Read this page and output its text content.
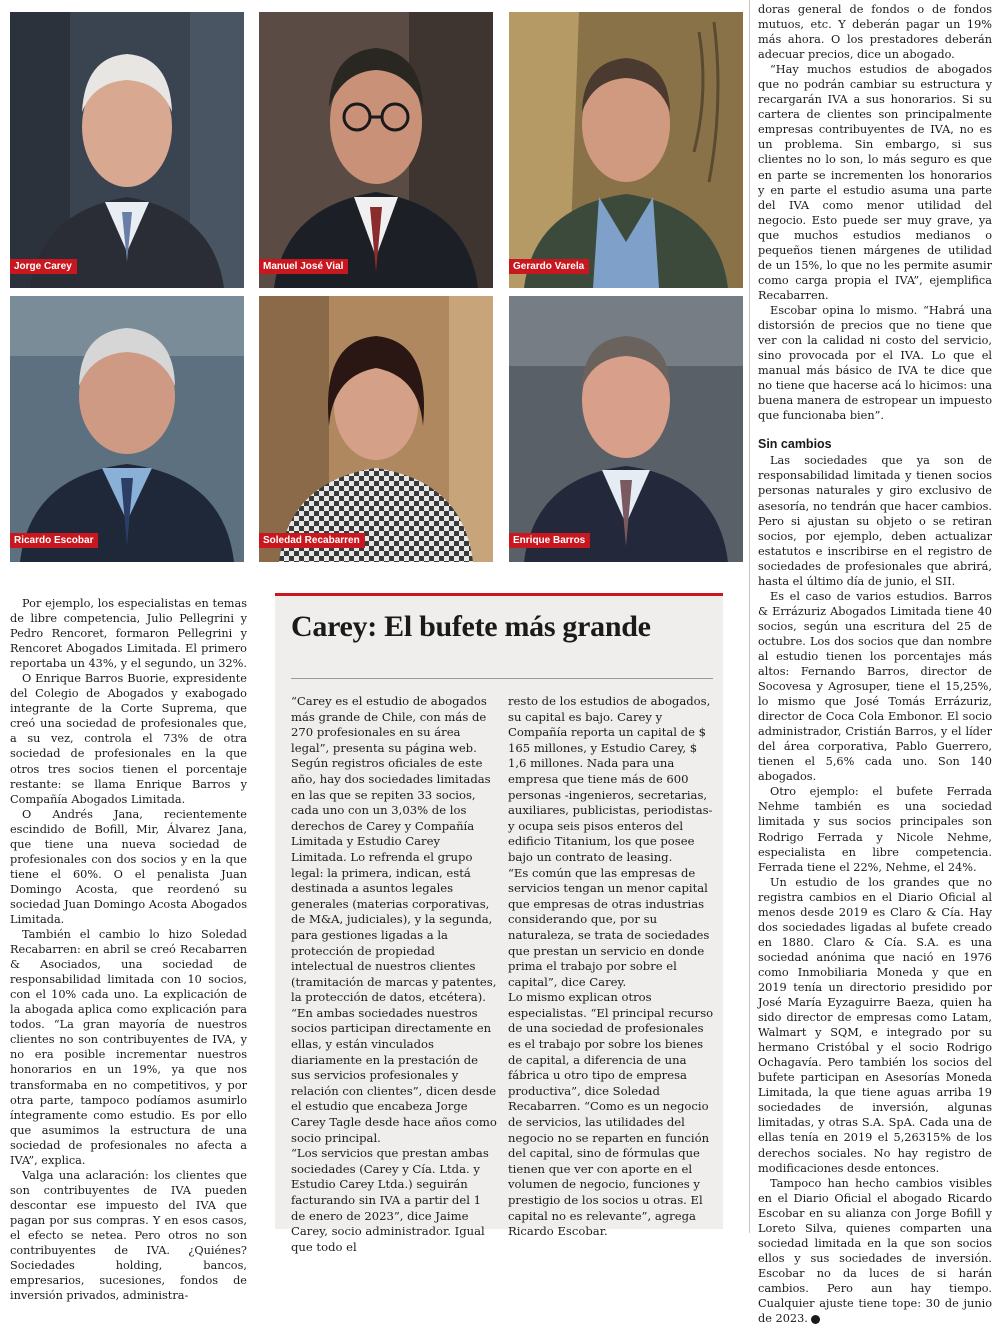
Jorge Carey	Manuel José Vial	Gerardo Varela
Ricardo Escobar	Soledad Recabarren	Enrique Barros

Por ejemplo, los especialistas en temas de libre competencia, Julio Pellegrini y Pedro Rencoret, formaron Pellegrini y Rencoret Abogados Limitada. El primero reportaba un 43%, y el segundo, un 32%.

O Enrique Barros Buorie, expresidente del Colegio de Abogados y exabogado integrante de la Corte Suprema, que creó una sociedad de profesionales que, a su vez, controla el 73% de otra sociedad de profesionales en la que otros tres socios tienen el porcentaje restante: se llama Enrique Barros y Compañía Abogados Limitada.

O Andrés Jana, recientemente escindido de Bofill, Mir, Álvarez Jana, que tiene una nueva sociedad de profesionales con dos socios y en la que tiene el 60%. O el penalista Juan Domingo Acosta, que reordenó su sociedad Juan Domingo Acosta Abogados Limitada.

También el cambio lo hizo Soledad Recabarren: en abril se creó Recabarren & Asociados, una sociedad de responsabilidad limitada con 10 socios, con el 10% cada uno. La explicación de la abogada aplica como explicación para todos. “La gran mayoría de nuestros clientes no son contribuyentes de IVA, y no era posible incrementar nuestros honorarios en un 19%, ya que nos transformaba en no competitivos, y por otra parte, tampoco podíamos asumirlo íntegramente como estudio. Es por ello que asumimos la estructura de una sociedad de profesionales no afecta a IVA”, explica.

Valga una aclaración: los clientes que son contribuyentes de IVA pueden descontar ese impuesto del IVA que pagan por sus compras. Y en esos casos, el efecto se netea. Pero otros no son contribuyentes de IVA. ¿Quiénes? Sociedades holding, bancos, empresarios, sucesiones, fondos de inversión privados, administra-

Carey: El bufete más grande

“Carey es el estudio de abogados más grande de Chile, con más de 270 profesionales en su área legal”, presenta su página web. Según registros oficiales de este año, hay dos sociedades limitadas en las que se repiten 33 socios, cada uno con un 3,03% de los derechos de Carey y Compañía Limitada y Estudio Carey Limitada. Lo refrenda el grupo legal: la primera, indican, está destinada a asuntos legales generales (materias corporativas, de M&A, judiciales), y la segunda, para gestiones ligadas a la protección de propiedad intelectual de nuestros clientes (tramitación de marcas y patentes, la protección de datos, etcétera).

“En ambas sociedades nuestros socios participan directamente en ellas, y están vinculados diariamente en la prestación de sus servicios profesionales y relación con clientes”, dicen desde el estudio que encabeza Jorge Carey Tagle desde hace años como socio principal.

“Los servicios que prestan ambas sociedades (Carey y Cía. Ltda. y Estudio Carey Ltda.) seguirán facturando sin IVA a partir del 1 de enero de 2023”, dice Jaime Carey, socio administrador. Igual que todo el

resto de los estudios de abogados, su capital es bajo. Carey y Compañía reporta un capital de $ 165 millones, y Estudio Carey, $ 1,6 millones. Nada para una empresa que tiene más de 600 personas -ingenieros, secretarias, auxiliares, publicistas, periodistas- y ocupa seis pisos enteros del edificio Titanium, los que posee bajo un contrato de leasing.

“Es común que las empresas de servicios tengan un menor capital que empresas de otras industrias considerando que, por su naturaleza, se trata de sociedades que prestan un servicio en donde prima el trabajo por sobre el capital”, dice Carey.

Lo mismo explican otros especialistas. “El principal recurso de una sociedad de profesionales es el trabajo por sobre los bienes de capital, a diferencia de una fábrica u otro tipo de empresa productiva”, dice Soledad Recabarren. “Como es un negocio de servicios, las utilidades del negocio no se reparten en función del capital, sino de fórmulas que tienen que ver con aporte en el volumen de negocio, funciones y prestigio de los socios u otras. El capital no es relevante”, agrega Ricardo Escobar.

doras general de fondos o de fondos mutuos, etc. Y deberán pagar un 19% más ahora. O los prestadores deberán adecuar precios, dice un abogado.

“Hay muchos estudios de abogados que no podrán cambiar su estructura y recargarán IVA a sus honorarios. Si su cartera de clientes son principalmente empresas contribuyentes de IVA, no es un problema. Sin embargo, si sus clientes no lo son, lo más seguro es que en parte se incrementen los honorarios y en parte el estudio asuma una parte del IVA como menor utilidad del negocio. Esto puede ser muy grave, ya que muchos estudios medianos o pequeños tienen márgenes de utilidad de un 15%, lo que no les permite asumir como carga propia el IVA”, ejemplifica Recabarren.

Escobar opina lo mismo. “Habrá una distorsión de precios que no tiene que ver con la calidad ni costo del servicio, sino provocada por el IVA. Lo que el manual más básico de IVA te dice que no tiene que hacerse acá lo hicimos: una buena manera de estropear un impuesto que funcionaba bien”.

Sin cambios

Las sociedades que ya son de responsabilidad limitada y tienen socios personas naturales y giro exclusivo de asesoría, no tendrán que hacer cambios. Pero si ajustan su objeto o se retiran socios, por ejemplo, deben actualizar estatutos e inscribirse en el registro de sociedades de profesionales que abrirá, hasta el último día de junio, el SII.

Es el caso de varios estudios. Barros & Errázuriz Abogados Limitada tiene 40 socios, según una escritura del 25 de octubre. Los dos socios que dan nombre al estudio tienen los porcentajes más altos: Fernando Barros, director de Socovesa y Agrosuper, tiene el 15,25%, lo mismo que José Tomás Errázuriz, director de Coca Cola Embonor. El socio administrador, Cristián Barros, y el líder del área corporativa, Pablo Guerrero, tienen el 5,6% cada uno. Son 140 abogados.

Otro ejemplo: el bufete Ferrada Nehme también es una sociedad limitada y sus socios principales son Rodrigo Ferrada y Nicole Nehme, especialista en libre competencia. Ferrada tiene el 22%, Nehme, el 24%.

Un estudio de los grandes que no registra cambios en el Diario Oficial al menos desde 2019 es Claro & Cía. Hay dos sociedades ligadas al bufete creado en 1880. Claro & Cía. S.A. es una sociedad anónima que nació en 1976 como Inmobiliaria Moneda y que en 2019 tenía un directorio presidido por José María Eyzaguirre Baeza, quien ha sido director de empresas como Latam, Walmart y SQM, e integrado por su hermano Cristóbal y el socio Rodrigo Ochagavía. Pero también los socios del bufete participan en Asesorías Moneda Limitada, la que tiene aguas arriba 19 sociedades de inversión, algunas limitadas, y otras S.A. SpA. Cada una de ellas tenía en 2019 el 5,26315% de los derechos sociales. No hay registro de modificaciones desde entonces.

Tampoco han hecho cambios visibles en el Diario Oficial el abogado Ricardo Escobar en su alianza con Jorge Bofill y Loreto Silva, quienes comparten una sociedad limitada en la que son socios ellos y sus sociedades de inversión. Escobar no da luces de si harán cambios. Pero aun hay tiempo. Cualquier ajuste tiene tope: 30 de junio de 2023. P
